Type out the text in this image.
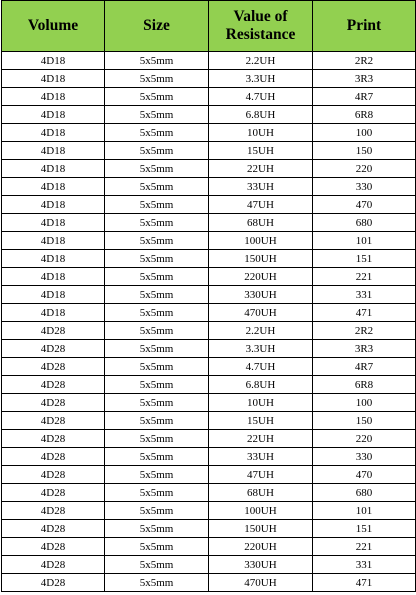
Volume	Size	Value of Resistance	Print
4D18	5x5mm	2.2UH	2R2
4D18	5x5mm	3.3UH	3R3
4D18	5x5mm	4.7UH	4R7
4D18	5x5mm	6.8UH	6R8
4D18	5x5mm	10UH	100
4D18	5x5mm	15UH	150
4D18	5x5mm	22UH	220
4D18	5x5mm	33UH	330
4D18	5x5mm	47UH	470
4D18	5x5mm	68UH	680
4D18	5x5mm	100UH	101
4D18	5x5mm	150UH	151
4D18	5x5mm	220UH	221
4D18	5x5mm	330UH	331
4D18	5x5mm	470UH	471
4D28	5x5mm	2.2UH	2R2
4D28	5x5mm	3.3UH	3R3
4D28	5x5mm	4.7UH	4R7
4D28	5x5mm	6.8UH	6R8
4D28	5x5mm	10UH	100
4D28	5x5mm	15UH	150
4D28	5x5mm	22UH	220
4D28	5x5mm	33UH	330
4D28	5x5mm	47UH	470
4D28	5x5mm	68UH	680
4D28	5x5mm	100UH	101
4D28	5x5mm	150UH	151
4D28	5x5mm	220UH	221
4D28	5x5mm	330UH	331
4D28	5x5mm	470UH	471
